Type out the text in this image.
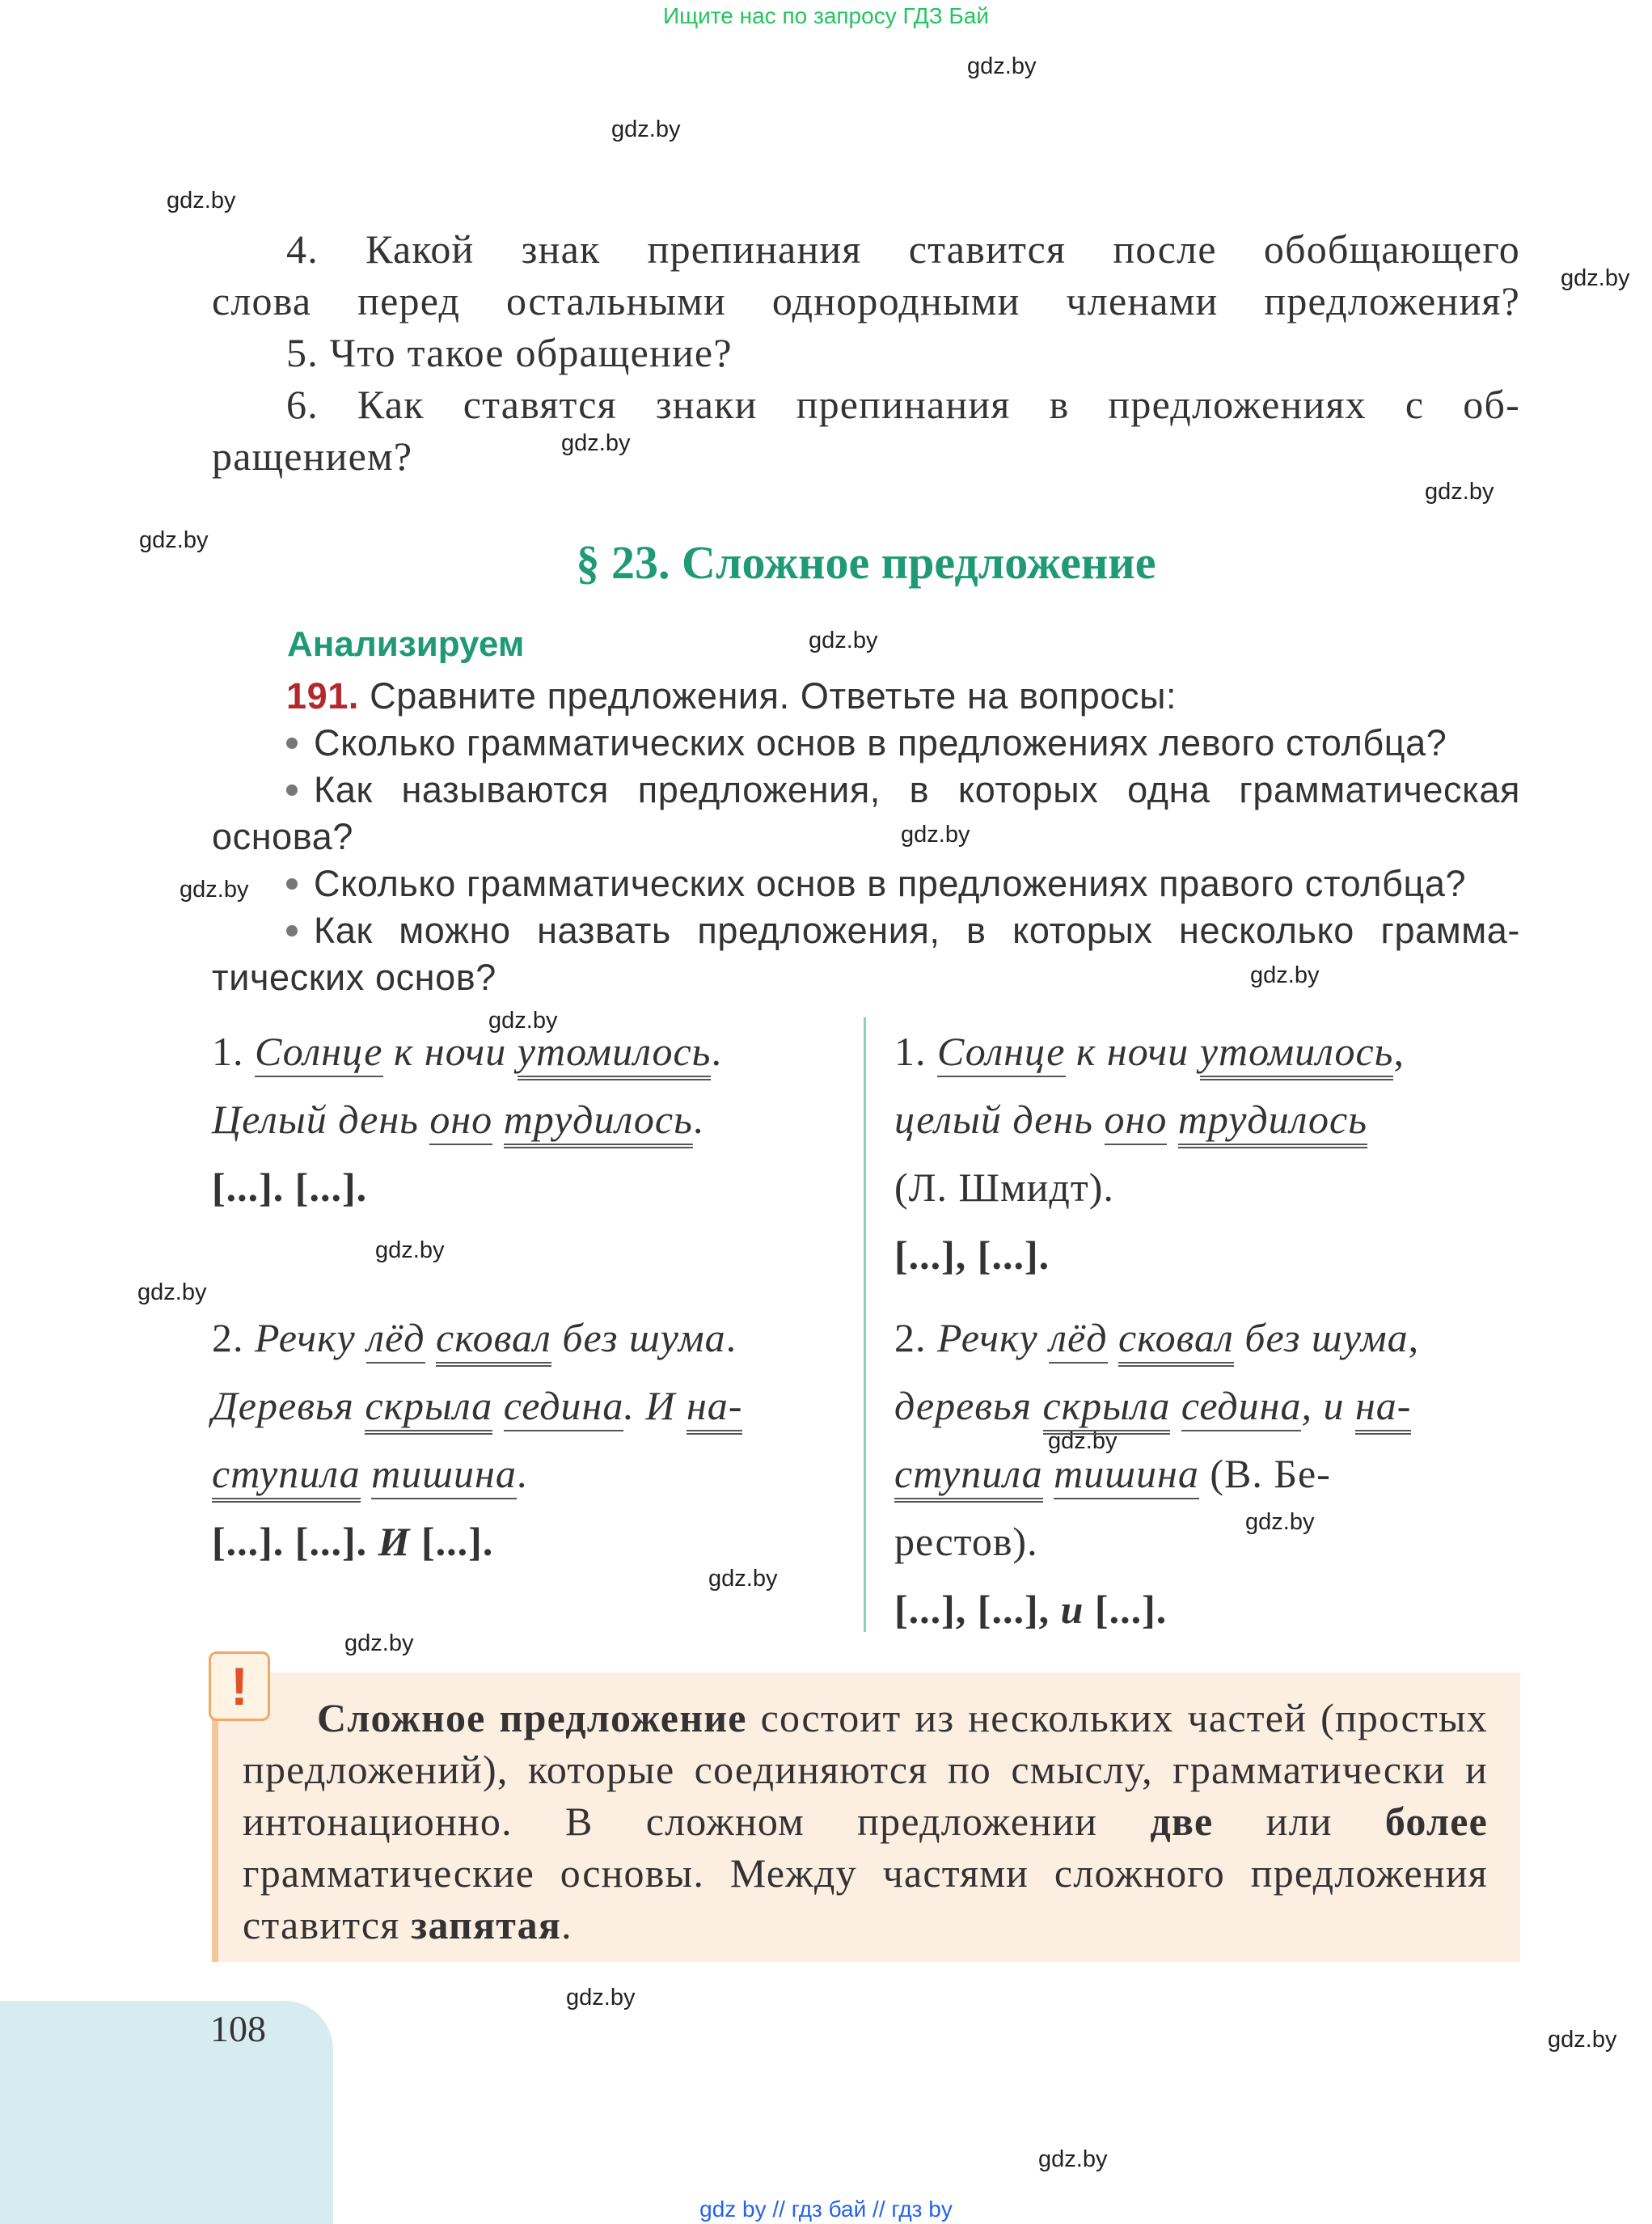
Ищите нас по запросу ГДЗ Бай
gdz.by
gdz.by
gdz.by
gdz.by
gdz.by
gdz.by
gdz.by
gdz.by
gdz.by
gdz.by
gdz.by
gdz.by
gdz.by
gdz.by
gdz.by
gdz.by
gdz.by
gdz.by
gdz.by
gdz.by
gdz.by
4. Какой знак препинания ставится после обобщающего
слова перед остальными однородными членами предложения?
5. Что такое обращение?
6. Как ставятся знаки препинания в предложениях с об-
ращением?
§ 23. Сложное предложение
Анализируем
191. Сравните предложения. Ответьте на вопросы:
Сколько грамматических основ в предложениях левого столбца?
Как называются предложения, в которых одна грамматическая
основа?
Сколько грамматических основ в предложениях правого столбца?
Как можно назвать предложения, в которых несколько грамма-
тических основ?
1. Солнце к ночи утомилось.
Целый день оно трудилось.
[...]. [...].
2. Речку лёд сковал без шума.
Деревья скрыла седина. И на-
ступила тишина.
[...]. [...]. И [...].
1. Солнце к ночи утомилось,
целый день оно трудилось
(Л. Шмидт).
[...], [...].
2. Речку лёд сковал без шума,
деревья скрыла седина, и на-
ступила тишина (В. Бе-
рестов).
[...], [...], и [...].
!
Сложное предложение состоит из нескольких частей (простых предложений), которые соединяются по смыслу, грамматически и интонационно. В сложном предложении две или более грамматические основы. Между частями сложного предложения ставится запятая.
108
gdz by // гдз бай // гдз by
